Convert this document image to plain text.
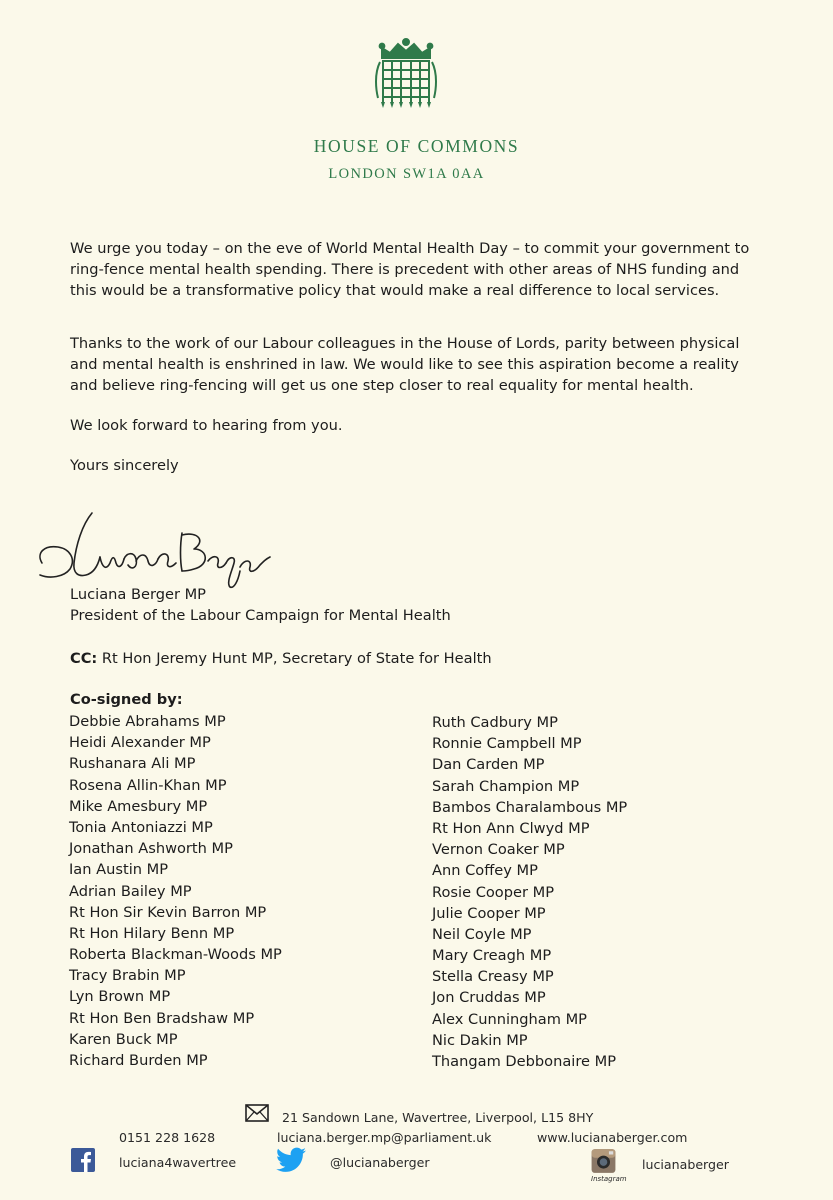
HOUSE OF COMMONS
LONDON SW1A 0AA

We urge you today – on the eve of World Mental Health Day – to commit your government to ring-fence mental health spending. There is precedent with other areas of NHS funding and this would be a transformative policy that would make a real difference to local services.

Thanks to the work of our Labour colleagues in the House of Lords, parity between physical and mental health is enshrined in law. We would like to see this aspiration become a reality and believe ring-fencing will get us one step closer to real equality for mental health.

We look forward to hearing from you.

Yours sincerely
Luciana Berger MP
President of the Labour Campaign for Mental Health
CC: Rt Hon Jeremy Hunt MP, Secretary of State for Health
Co-signed by:
Debbie Abrahams MP
Heidi Alexander MP
Rushanara Ali MP
Rosena Allin-Khan MP
Mike Amesbury MP
Tonia Antoniazzi MP
Jonathan Ashworth MP
Ian Austin MP
Adrian Bailey MP
Rt Hon Sir Kevin Barron MP
Rt Hon Hilary Benn MP
Roberta Blackman-Woods MP
Tracy Brabin MP
Lyn Brown MP
Rt Hon Ben Bradshaw MP
Karen Buck MP
Richard Burden MP
Ruth Cadbury MP
Ronnie Campbell MP
Dan Carden MP
Sarah Champion MP
Bambos Charalambous MP
Rt Hon Ann Clwyd MP
Vernon Coaker MP
Ann Coffey MP
Rosie Cooper MP
Julie Cooper MP
Neil Coyle MP
Mary Creagh MP
Stella Creasy MP
Jon Cruddas MP
Alex Cunningham MP
Nic Dakin MP
Thangam Debbonaire MP
21 Sandown Lane, Wavertree, Liverpool, L15 8HY
0151 228 1628	luciana.berger.mp@parliament.uk	www.lucianaberger.com
luciana4wavertree	@lucianaberger
Instagram
lucianaberger
